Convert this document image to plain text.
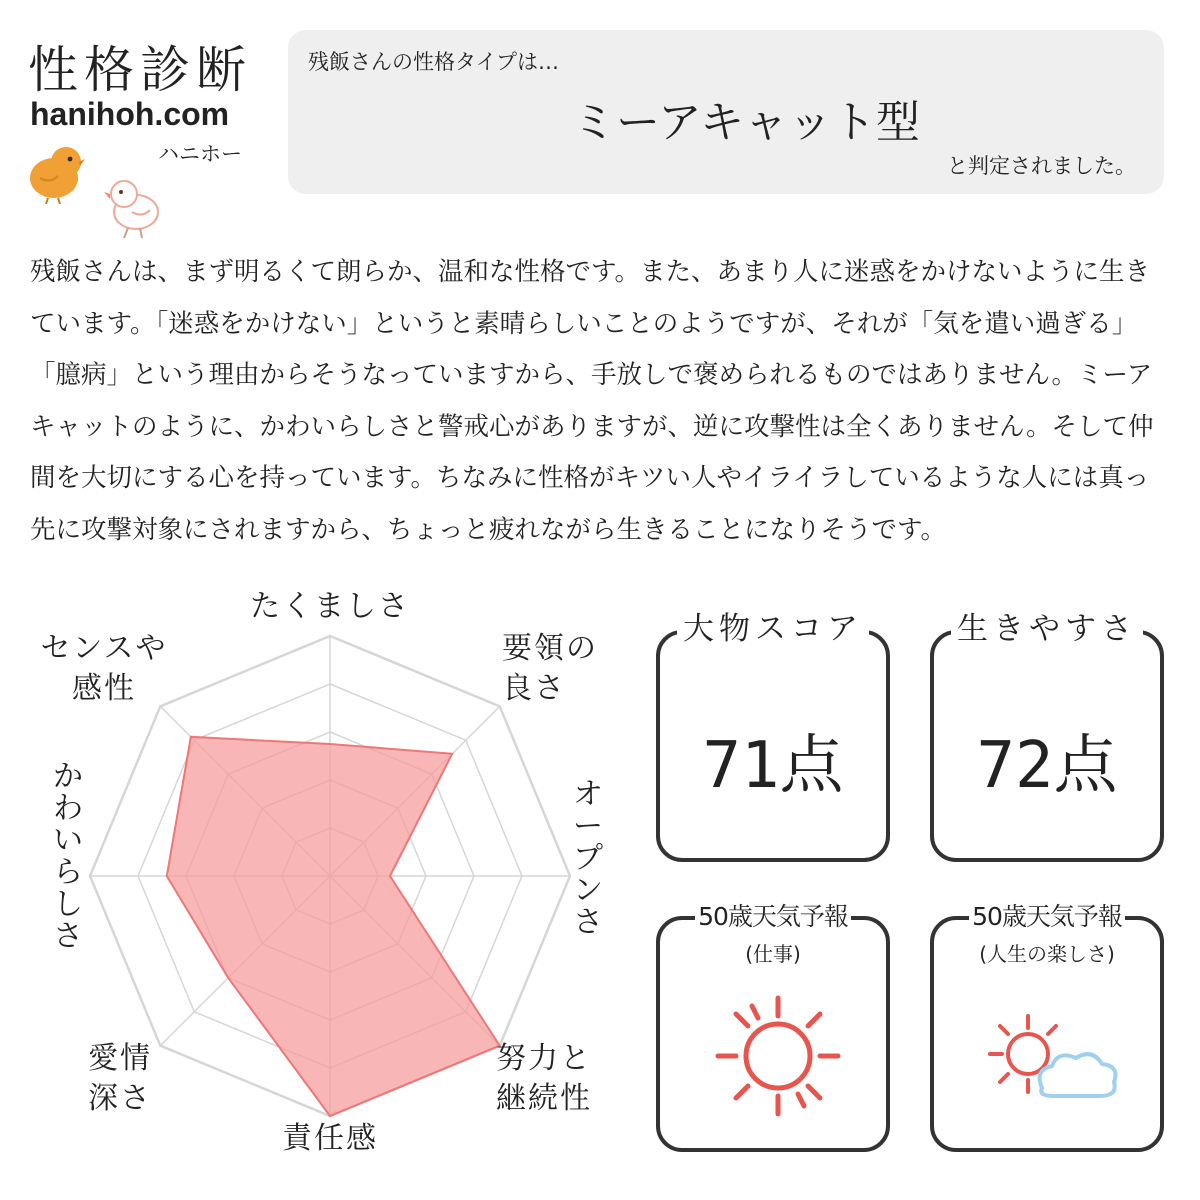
性格診断
hanihoh.com
ハニホー
残飯さんの性格タイプは…
ミーアキャット型
と判定されました。

残飯さんは、まず明るくて朗らか、温和な性格です。また、あまり人に迷惑をかけないように生きています。「迷惑をかけない」というと素晴らしいことのようですが、それが「気を遣い過ぎる」「臆病」という理由からそうなっていますから、手放しで褒められるものではありません。ミーアキャットのように、かわいらしさと警戒心がありますが、逆に攻撃性は全くありません。そして仲間を大切にする心を持っています。ちなみに性格がキツい人やイライラしているような人には真っ先に攻撃対象にされますから、ちょっと疲れながら生きることになりそうです。

たくましさ
要領の良さ
オープンさ
努力と継続性
責任感
愛情深さ
かわいらしさ
センスや感性
大物スコア
71点
生きやすさ
72点
50歳天気予報
(仕事)
50歳天気予報
(人生の楽しさ)
